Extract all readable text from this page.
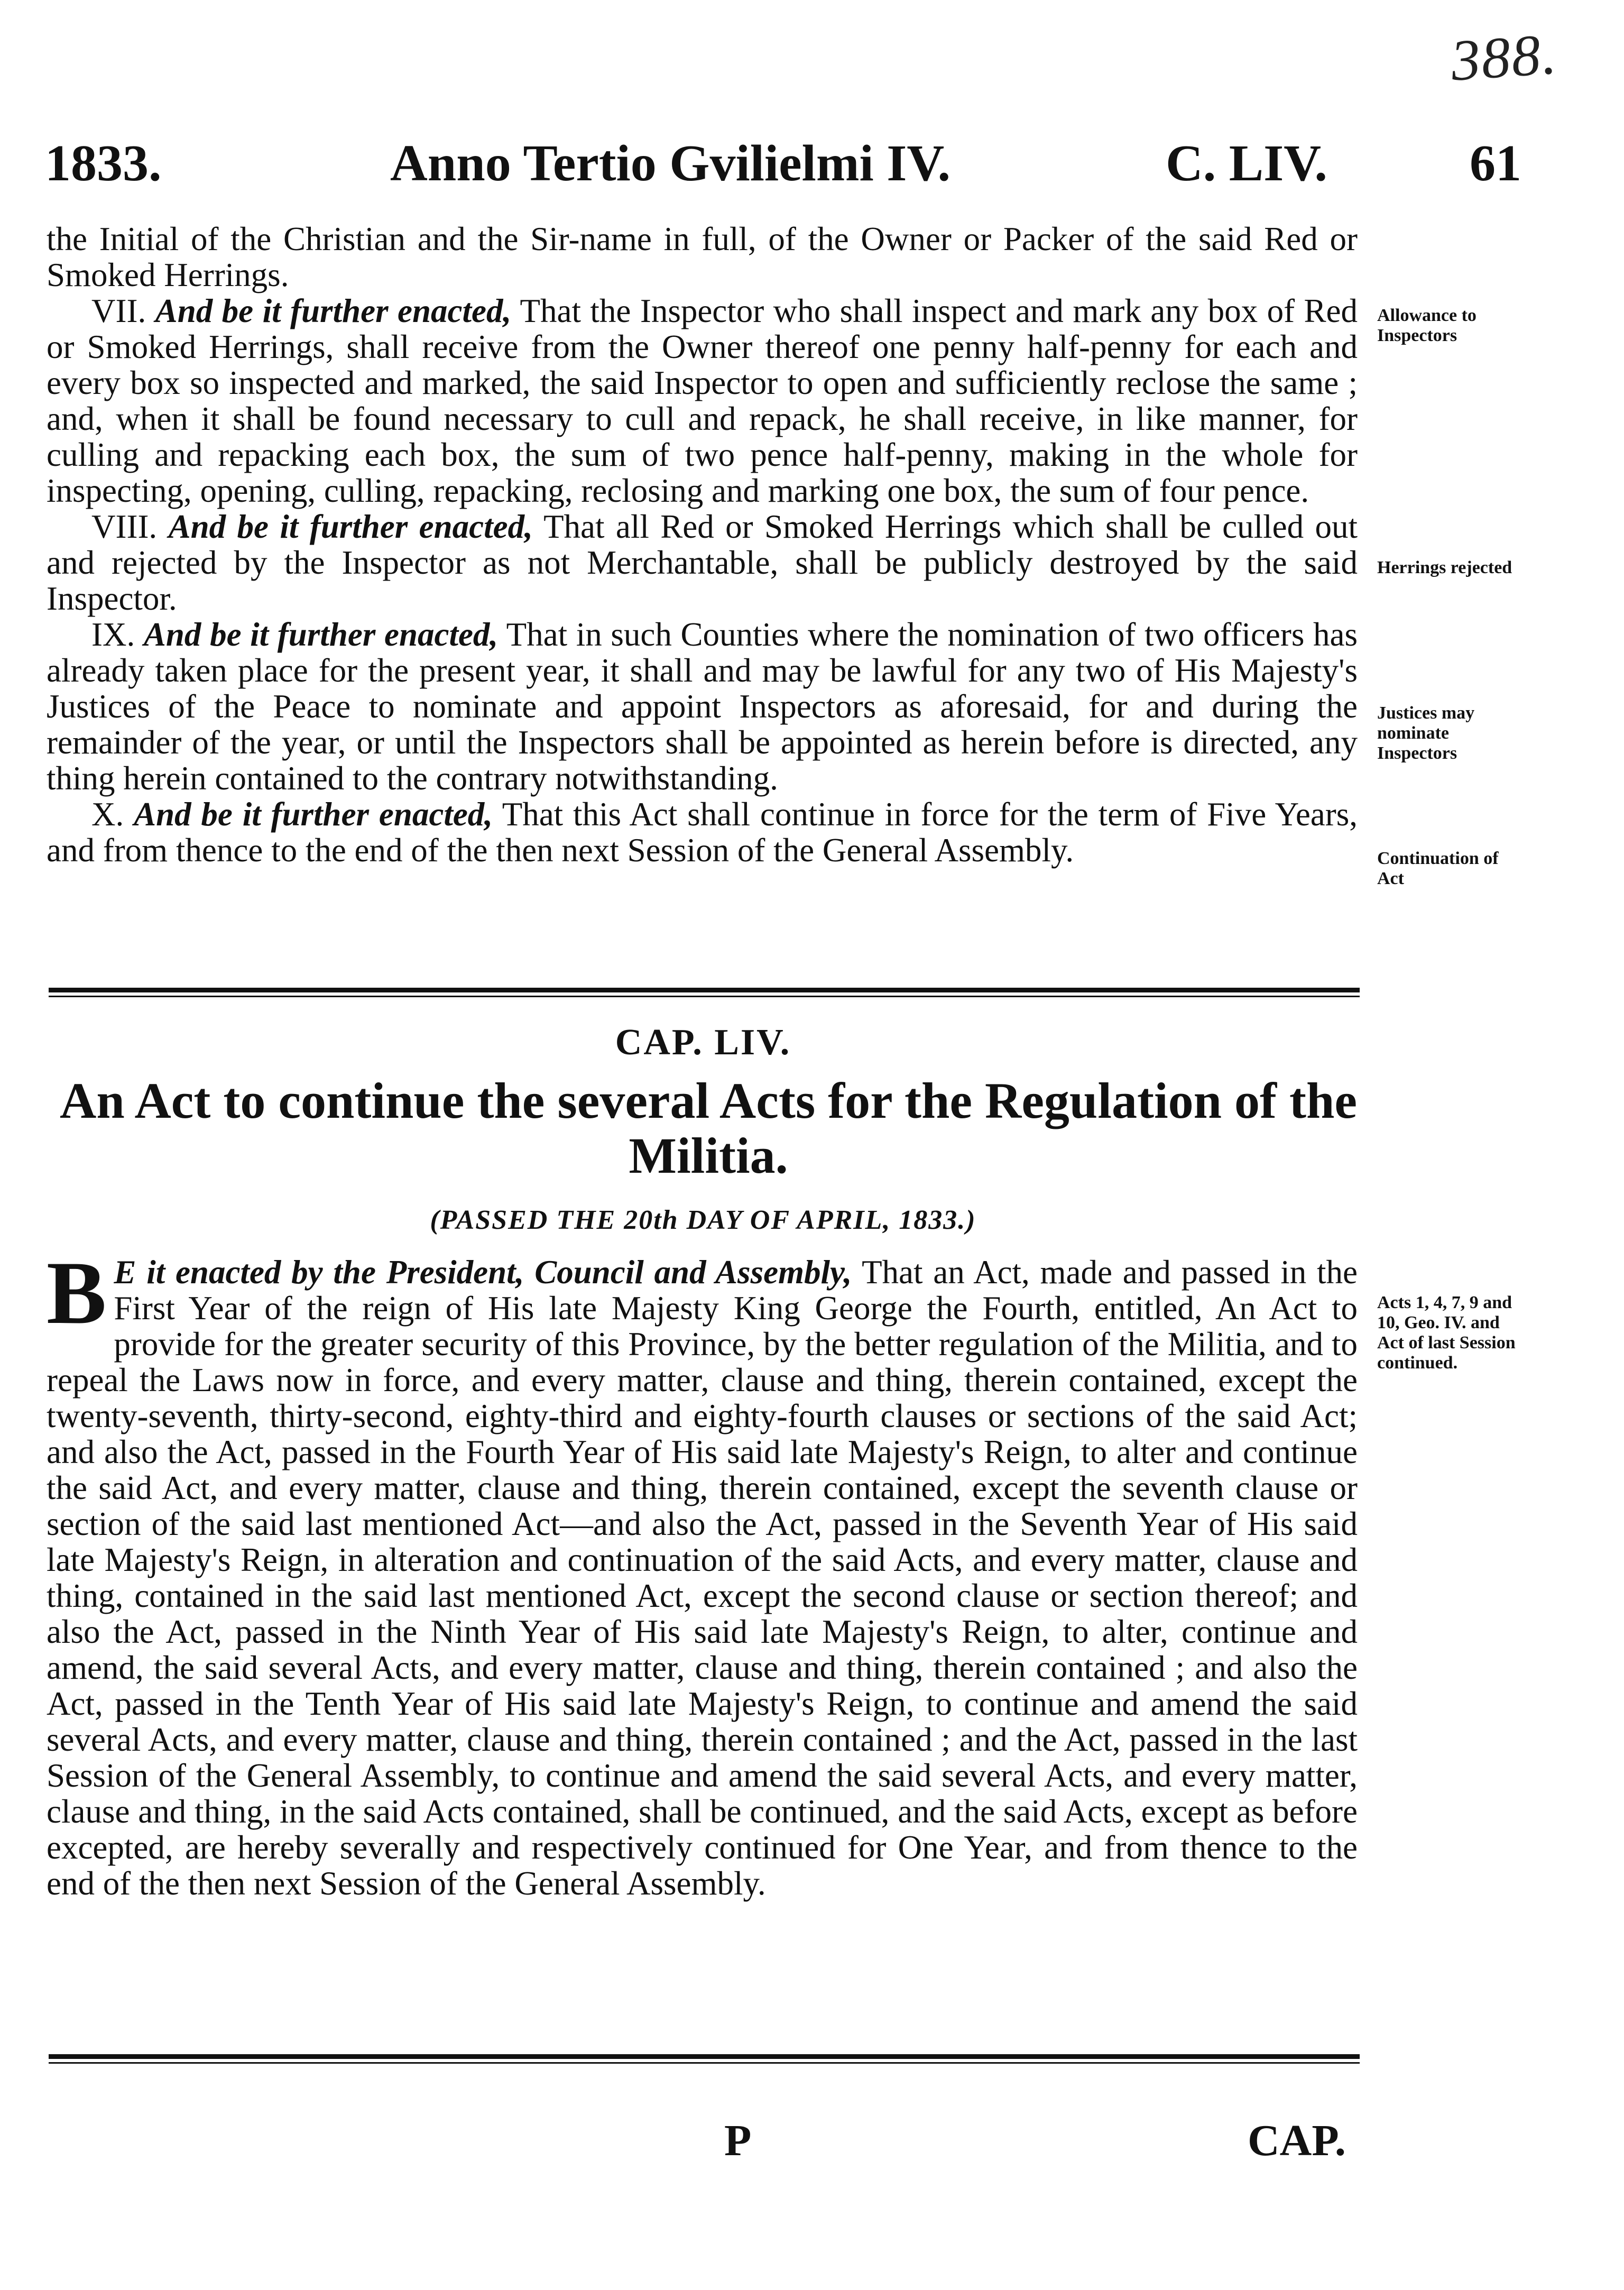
388.
1833.	Anno Tertio Gvilielmi IV.	C. LIV.	61

the Initial of the Christian and the Sir-name in full, of the Owner or Packer of the said Red or Smoked Herrings.

VII. And be it further enacted, That the Inspector who shall inspect and mark any box of Red or Smoked Herrings, shall receive from the Owner thereof one penny half-penny for each and every box so inspected and marked, the said Inspector to open and sufficiently reclose the same ; and, when it shall be found necessary to cull and repack, he shall receive, in like manner, for culling and repacking each box, the sum of two pence half-penny, making in the whole for inspecting, opening, culling, repacking, reclosing and marking one box, the sum of four pence.

VIII. And be it further enacted, That all Red or Smoked Herrings which shall be culled out and rejected by the Inspector as not Merchantable, shall be publicly destroyed by the said Inspector.

IX. And be it further enacted, That in such Counties where the nomination of two officers has already taken place for the present year, it shall and may be lawful for any two of His Majesty's Justices of the Peace to nominate and appoint Inspectors as aforesaid, for and during the remainder of the year, or until the Inspectors shall be appointed as herein before is directed, any thing herein contained to the contrary notwithstanding.

X. And be it further enacted, That this Act shall continue in force for the term of Five Years, and from thence to the end of the then next Session of the General Assembly.

Allowance to Inspectors
Herrings rejected
Justices may nominate Inspectors
Continuation of Act
CAP. LIV.
An Act to continue the several Acts for the Regulation of the Militia.
(PASSED THE 20th DAY OF APRIL, 1833.)

B E it enacted by the President, Council and Assembly, That an Act, made and passed in the First Year of the reign of His late Majesty King George the Fourth, entitled, An Act to provide for the greater security of this Province, by the better regulation of the Militia, and to repeal the Laws now in force, and every matter, clause and thing, therein contained, except the twenty-seventh, thirty-second, eighty-third and eighty-fourth clauses or sections of the said Act; and also the Act, passed in the Fourth Year of His said late Majesty's Reign, to alter and continue the said Act, and every matter, clause and thing, therein contained, except the seventh clause or section of the said last mentioned Act—and also the Act, passed in the Seventh Year of His said late Majesty's Reign, in alteration and continuation of the said Acts, and every matter, clause and thing, contained in the said last mentioned Act, except the second clause or section thereof; and also the Act, passed in the Ninth Year of His said late Majesty's Reign, to alter, continue and amend, the said several Acts, and every matter, clause and thing, therein contained ; and also the Act, passed in the Tenth Year of His said late Majesty's Reign, to continue and amend the said several Acts, and every matter, clause and thing, therein contained ; and the Act, passed in the last Session of the General Assembly, to continue and amend the said several Acts, and every matter, clause and thing, in the said Acts contained, shall be continued, and the said Acts, except as before excepted, are hereby severally and respectively continued for One Year, and from thence to the end of the then next Session of the General Assembly.

Acts 1, 4, 7, 9 and 10, Geo. IV. and Act of last Session continued.
P	CAP.
